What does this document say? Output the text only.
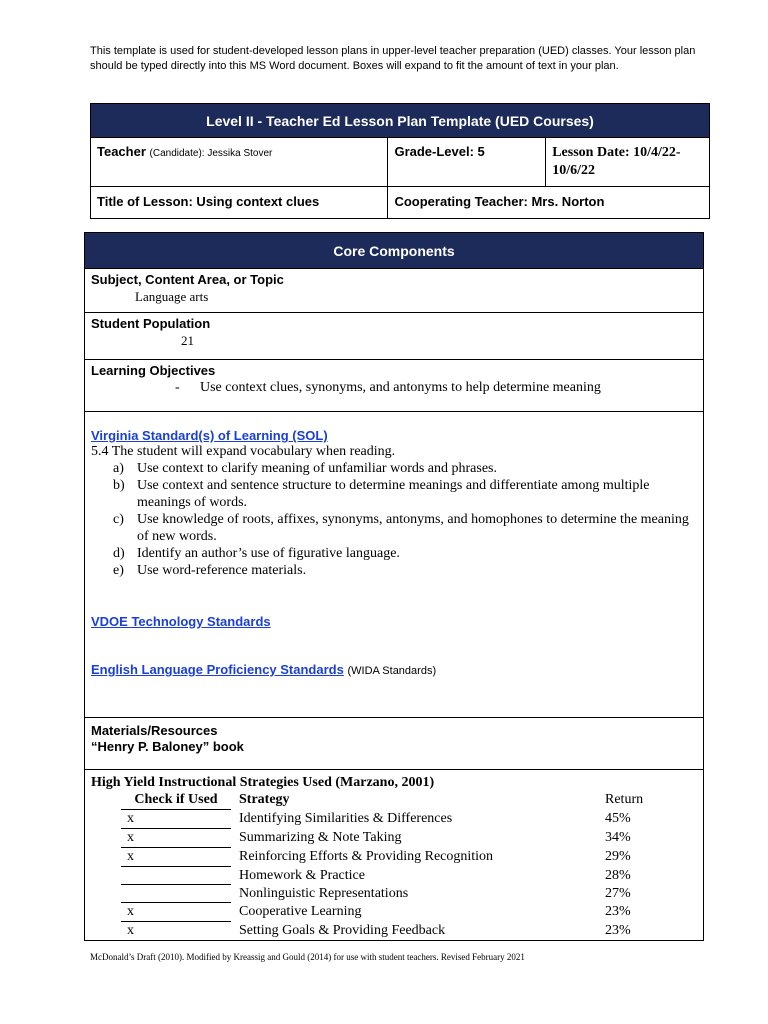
This template is used for student-developed lesson plans in upper-level teacher preparation (UED) classes. Your lesson plan should be typed directly into this MS Word document. Boxes will expand to fit the amount of text in your plan.
Level II - Teacher Ed Lesson Plan Template (UED Courses)		
Teacher (Candidate): Jessika Stover	Grade-Level: 5	Lesson Date: 10/4/22-10/6/22
Title of Lesson: Using context clues	Cooperating Teacher: Mrs. Norton	
Core Components
Subject, Content Area, or Topic
Language arts
Student Population
21
Learning Objectives
-	Use context clues, synonyms, and antonyms to help determine meaning
Virginia Standard(s) of Learning (SOL)
5.4 The student will expand vocabulary when reading.
a) Use context to clarify meaning of unfamiliar words and phrases.
b) Use context and sentence structure to determine meanings and differentiate among multiple meanings of words.
c) Use knowledge of roots, affixes, synonyms, antonyms, and homophones to determine the meaning of new words.
d) Identify an author’s use of figurative language.
e) Use word-reference materials.
VDOE Technology Standards
English Language Proficiency Standards (WIDA Standards)
Materials/Resources
“Henry P. Baloney” book
High Yield Instructional Strategies Used (Marzano, 2001)
Check if Used		Strategy	Return
x		Identifying Similarities & Differences	45%
x		Summarizing & Note Taking	34%
x		Reinforcing Efforts & Providing Recognition	29%
		Homework & Practice	28%
		Nonlinguistic Representations	27%
x		Cooperative Learning	23%
x		Setting Goals & Providing Feedback	23%
McDonald’s Draft (2010). Modified by Kreassig and Gould (2014) for use with student teachers. Revised February 2021
